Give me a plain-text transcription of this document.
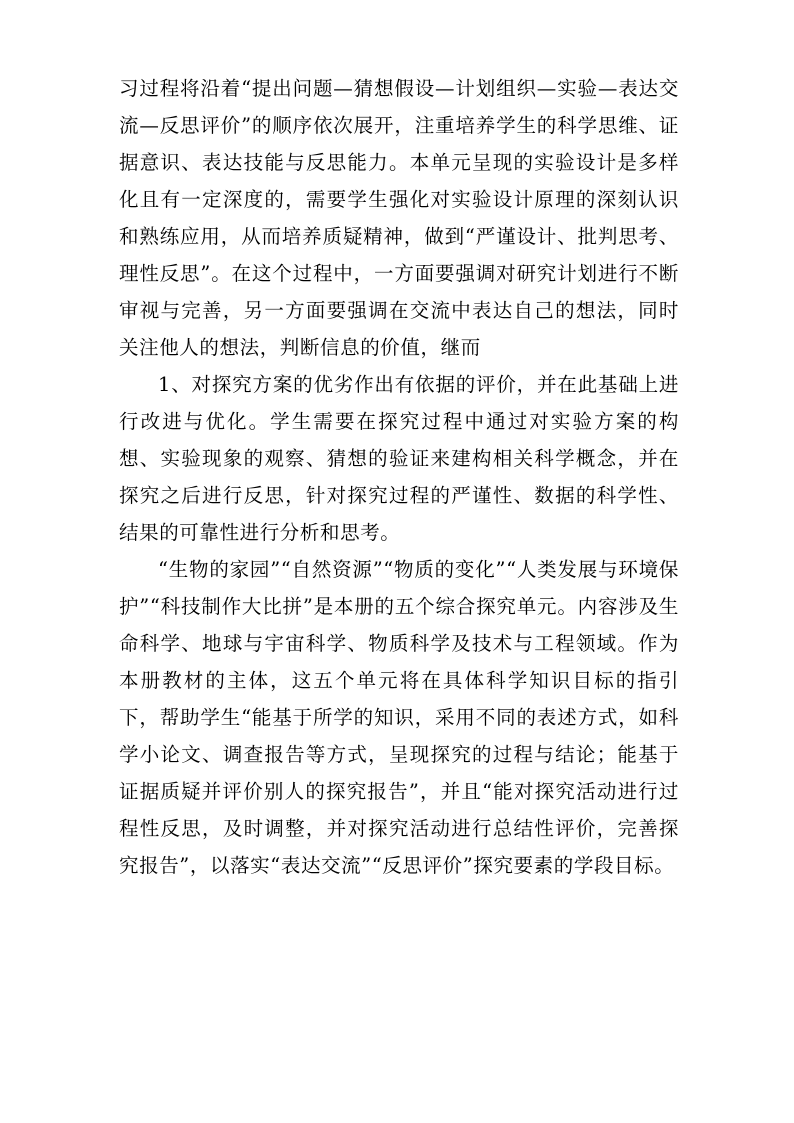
习过程将沿着“提出问题—猜想假设—计划组织—实验—表达交流—反思评价”的顺序依次展开，注重培养学生的科学思维、证据意识、表达技能与反思能力。本单元呈现的实验设计是多样化且有一定深度的，需要学生强化对实验设计原理的深刻认识和熟练应用，从而培养质疑精神，做到“严谨设计、批判思考、理性反思”。在这个过程中，一方面要强调对研究计划进行不断审视与完善，另一方面要强调在交流中表达自己的想法，同时关注他人的想法，判断信息的价值，继而

1、对探究方案的优劣作出有依据的评价，并在此基础上进行改进与优化。学生需要在探究过程中通过对实验方案的构想、实验现象的观察、猜想的验证来建构相关科学概念，并在探究之后进行反思，针对探究过程的严谨性、数据的科学性、结果的可靠性进行分析和思考。

“生物的家园”“自然资源”“物质的变化”“人类发展与环境保护”“科技制作大比拼”是本册的五个综合探究单元。内容涉及生命科学、地球与宇宙科学、物质科学及技术与工程领域。作为本册教材的主体，这五个单元将在具体科学知识目标的指引下，帮助学生“能基于所学的知识，采用不同的表述方式，如科学小论文、调查报告等方式，呈现探究的过程与结论；能基于证据质疑并评价别人的探究报告”，并且“能对探究活动进行过程性反思，及时调整，并对探究活动进行总结性评价，完善探究报告”，以落实“表达交流”“反思评价”探究要素的学段目标。
